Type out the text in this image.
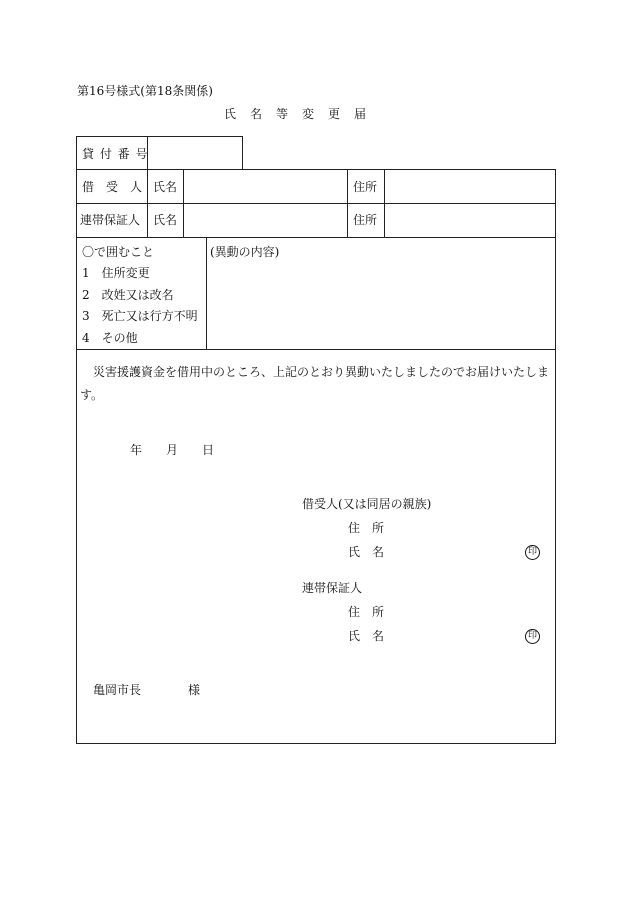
第16号様式(第18条関係)
氏　名　等　変　更　届
貸 付 番 号
借　受　人 氏名	住所
連帯保証人 氏名	住所
〇で囲むこと
1　住所変更
2　改姓又は改名
3　死亡又は行方不明
4　その他
(異動の内容)
災害援護資金を借用中のところ、上記のとおり異動いたしましたのでお届けいたしま
す。
年 月 日
借受人(又は同居の親族)
住　所
氏　名	印
連帯保証人
住　所
氏　名	印
亀岡市長	様
